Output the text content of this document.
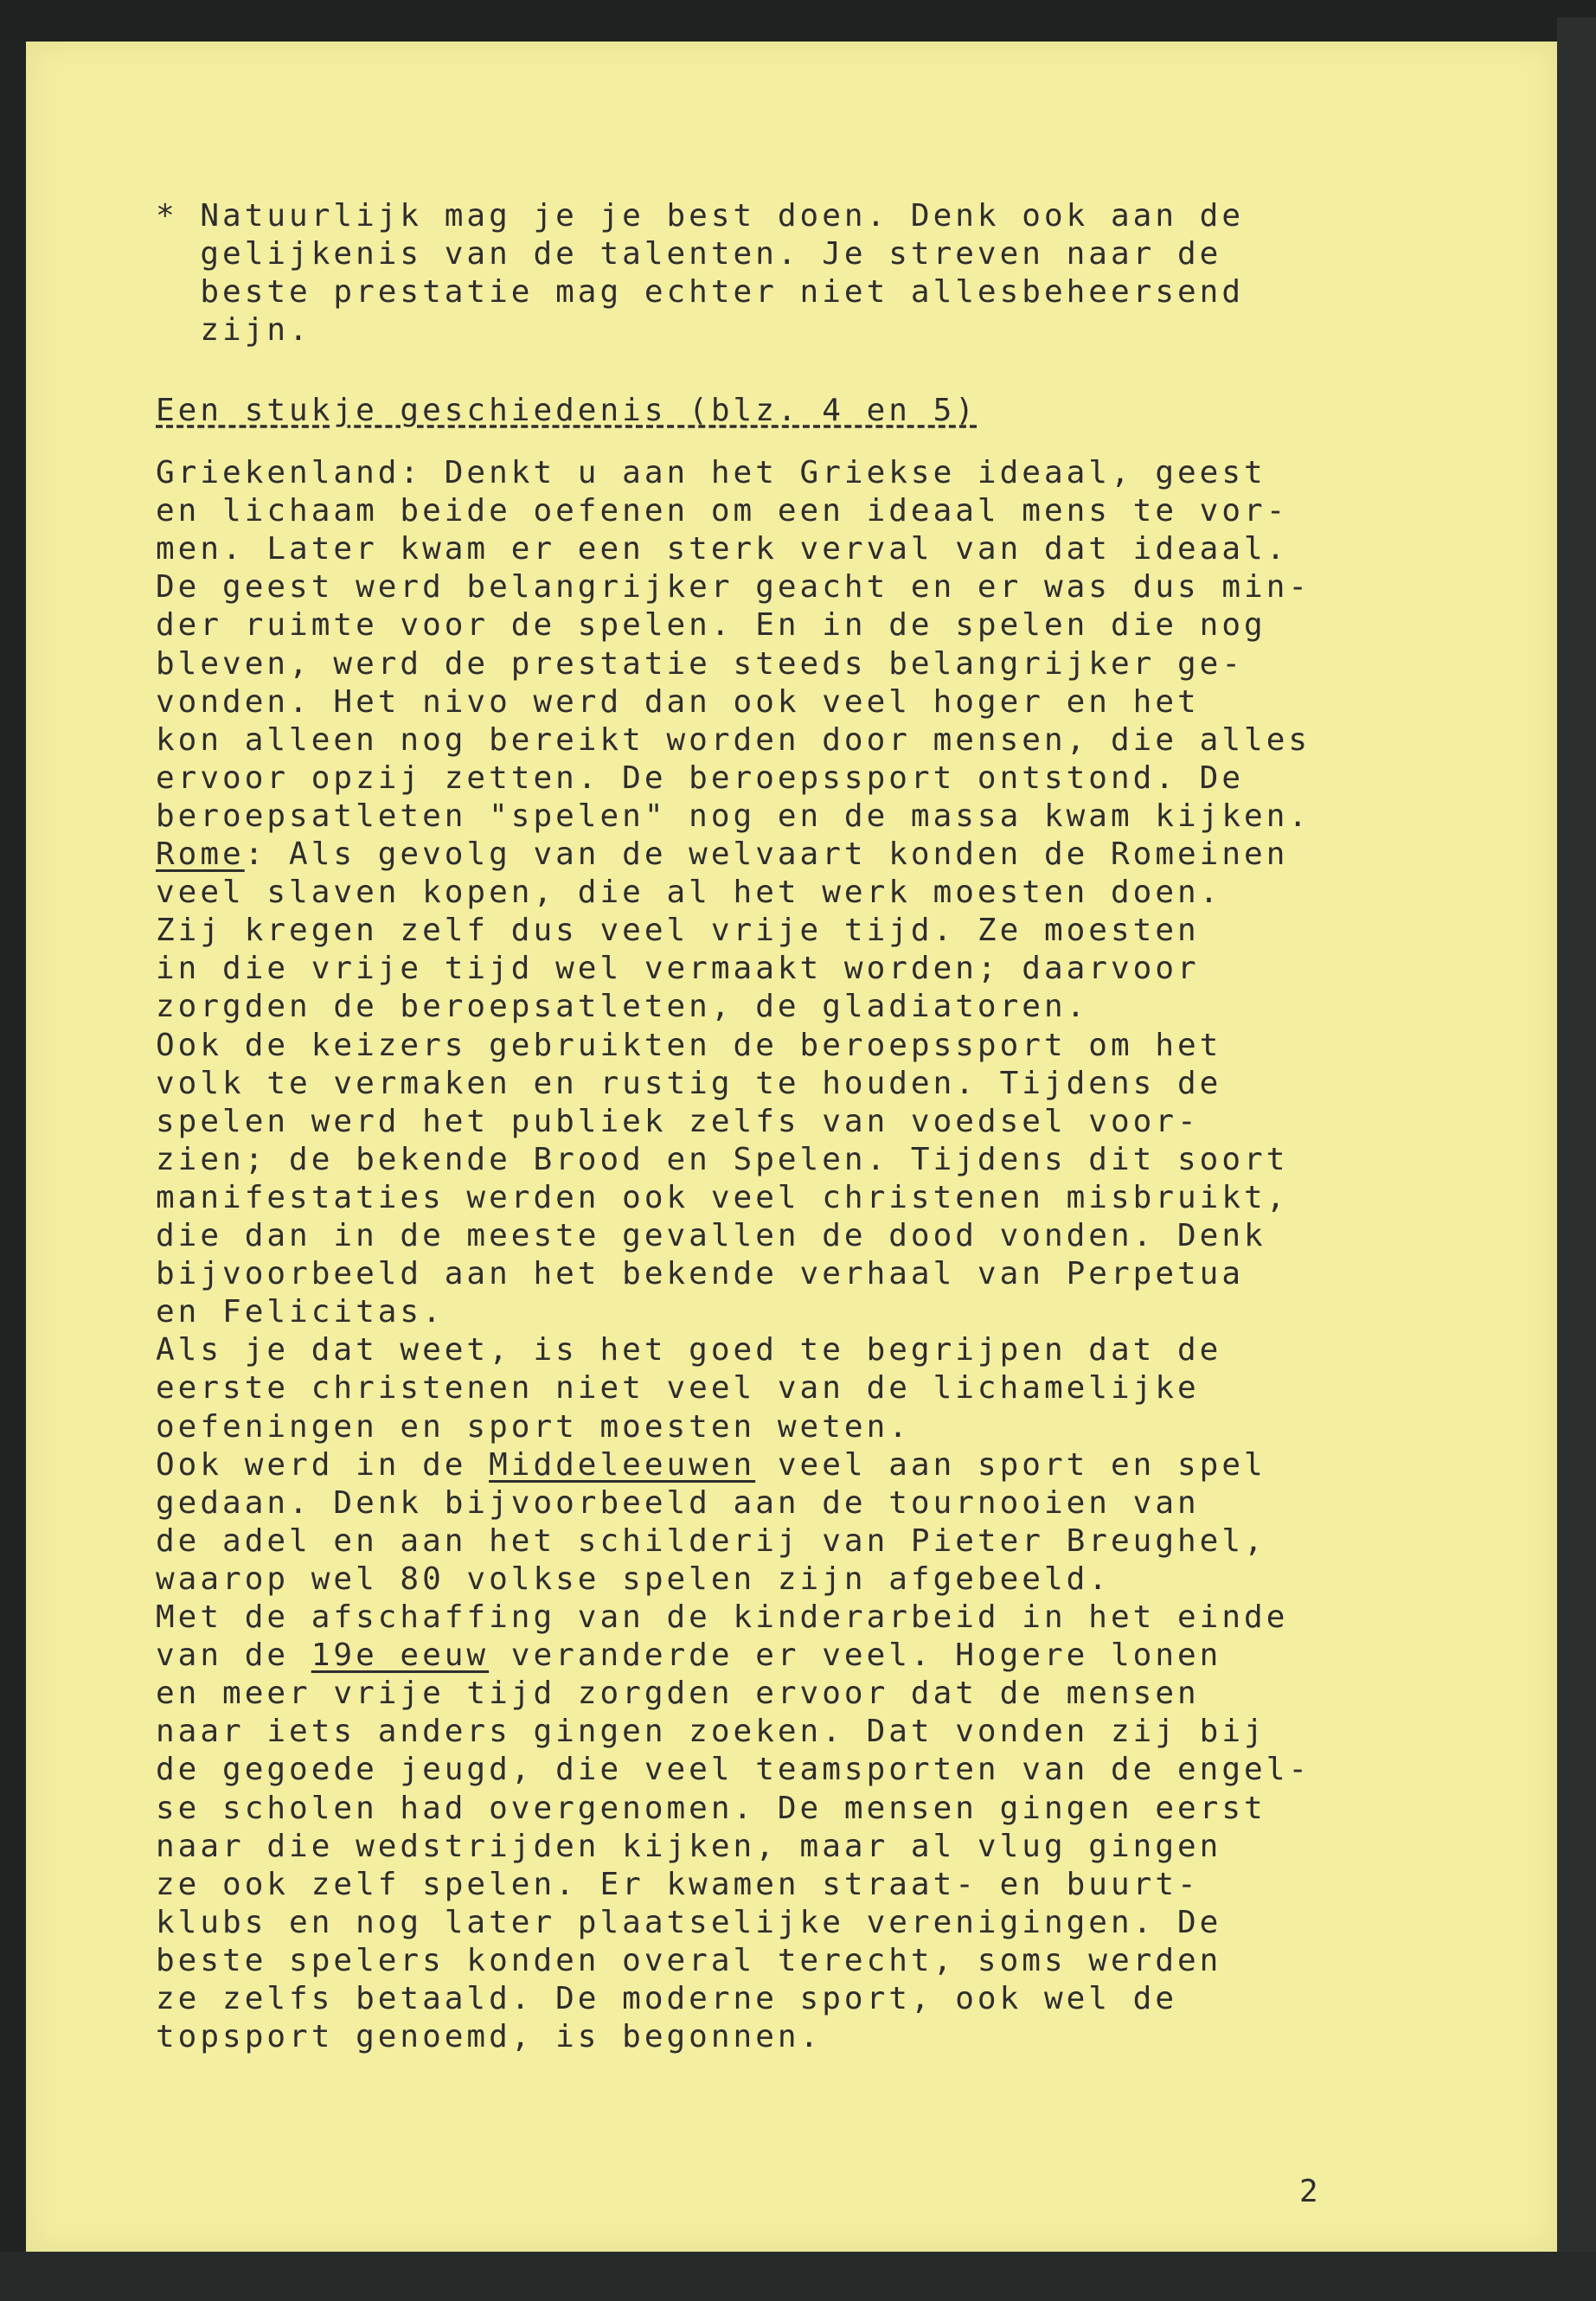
* Natuurlijk mag je je best doen. Denk ook aan de
gelijkenis van de talenten. Je streven naar de
beste prestatie mag echter niet allesbeheersend
zijn.
Een stukje geschiedenis (blz. 4 en 5)
Griekenland: Denkt u aan het Griekse ideaal, geest
en lichaam beide oefenen om een ideaal mens te vor-
men. Later kwam er een sterk verval van dat ideaal.
De geest werd belangrijker geacht en er was dus min-
der ruimte voor de spelen. En in de spelen die nog
bleven, werd de prestatie steeds belangrijker ge-
vonden. Het nivo werd dan ook veel hoger en het
kon alleen nog bereikt worden door mensen, die alles
ervoor opzij zetten. De beroepssport ontstond. De
beroepsatleten "spelen" nog en de massa kwam kijken.
Rome: Als gevolg van de welvaart konden de Romeinen
veel slaven kopen, die al het werk moesten doen.
Zij kregen zelf dus veel vrije tijd. Ze moesten
in die vrije tijd wel vermaakt worden; daarvoor
zorgden de beroepsatleten, de gladiatoren.
Ook de keizers gebruikten de beroepssport om het
volk te vermaken en rustig te houden. Tijdens de
spelen werd het publiek zelfs van voedsel voor-
zien; de bekende Brood en Spelen. Tijdens dit soort
manifestaties werden ook veel christenen misbruikt,
die dan in de meeste gevallen de dood vonden. Denk
bijvoorbeeld aan het bekende verhaal van Perpetua
en Felicitas.
Als je dat weet, is het goed te begrijpen dat de
eerste christenen niet veel van de lichamelijke
oefeningen en sport moesten weten.
Ook werd in de Middeleeuwen veel aan sport en spel
gedaan. Denk bijvoorbeeld aan de tournooien van
de adel en aan het schilderij van Pieter Breughel,
waarop wel 80 volkse spelen zijn afgebeeld.
Met de afschaffing van de kinderarbeid in het einde
van de 19e eeuw veranderde er veel. Hogere lonen
en meer vrije tijd zorgden ervoor dat de mensen
naar iets anders gingen zoeken. Dat vonden zij bij
de gegoede jeugd, die veel teamsporten van de engel-
se scholen had overgenomen. De mensen gingen eerst
naar die wedstrijden kijken, maar al vlug gingen
ze ook zelf spelen. Er kwamen straat- en buurt-
klubs en nog later plaatselijke verenigingen. De
beste spelers konden overal terecht, soms werden
ze zelfs betaald. De moderne sport, ook wel de
topsport genoemd, is begonnen.
2
